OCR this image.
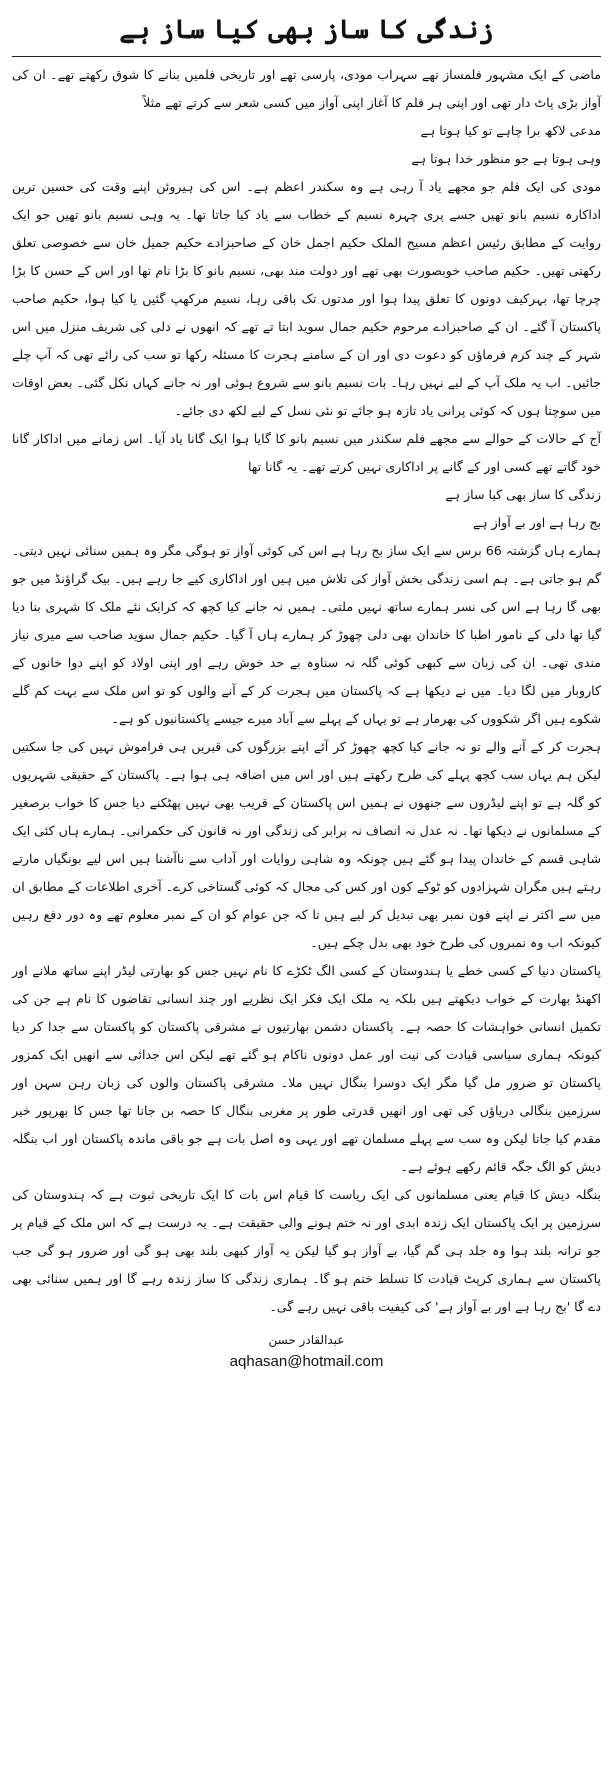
زندگی کا ساز بھی کیا ساز ہے

ماضی کے ایک مشہور فلمساز تھے سہراب مودی، پارسی تھے اور تاریخی فلمیں بنانے کا شوق رکھتے تھے۔ ان کی آواز بڑی پاٹ دار تھی اور اپنی ہر فلم کا آغاز اپنی آواز میں کسی شعر سے کرتے تھے مثلاً

مدعی لاکھ برا چاہے تو کیا ہوتا ہے

وہی ہوتا ہے جو منظور خدا ہوتا ہے

مودی کی ایک فلم جو مجھے یاد آ رہی ہے وہ سکندر اعظم ہے۔ اس کی ہیروئن اپنے وقت کی حسین ترین اداکارہ نسیم بانو تھیں جسے پری چہرہ نسیم کے خطاب سے یاد کیا جاتا تھا۔ یہ وہی نسیم بانو تھیں جو ایک روایت کے مطابق رئیس اعظم مسیح الملک حکیم اجمل خان کے صاحبزادے حکیم جمیل خان سے خصوصی تعلق رکھتی تھیں۔ حکیم صاحب خوبصورت بھی تھے اور دولت مند بھی، نسیم بانو کا بڑا نام تھا اور اس کے حسن کا بڑا چرچا تھا، بہرکیف دونوں کا تعلق پیدا ہوا اور مدتوں تک باقی رہا، نسیم مرکھپ گئیں یا کیا ہوا، حکیم صاحب پاکستان آ گئے۔ ان کے صاحبزادے مرحوم حکیم جمال سوید ابتا تے تھے کہ انھوں نے دلی کی شریف منزل میں اس شہر کے چند کرم فرماؤں کو دعوت دی اور ان کے سامنے ہجرت کا مسئلہ رکھا تو سب کی رائے تھی کہ آپ چلے جائیں۔ اب یہ ملک آپ کے لیے نہیں رہا۔ بات نسیم بانو سے شروع ہوئی اور نہ جانے کہاں نکل گئی۔ بعض اوقات میں سوچتا ہوں کہ کوئی پرانی یاد تازہ ہو جائے تو نئی نسل کے لیے لکھ دی جائے۔

آج کے حالات کے حوالے سے مجھے فلم سکندر میں نسیم بانو کا گایا ہوا ایک گانا یاد آیا۔ اس زمانے میں اداکار گانا خود گاتے تھے کسی اور کے گانے پر اداکاری نہیں کرتے تھے۔ یہ گانا تھا

زندگی کا ساز بھی کیا ساز ہے

بج رہا ہے اور بے آواز ہے

ہمارے ہاں گزشتہ 66 برس سے ایک ساز بج رہا ہے اس کی کوئی آواز تو ہوگی مگر وہ ہمیں سنائی نہیں دیتی۔ گم ہو جاتی ہے۔ ہم اسی زندگی بخش آواز کی تلاش میں ہیں اور اداکاری کیے جا رہے ہیں۔ بیک گراؤنڈ میں جو بھی گا رہا ہے اس کی نسر ہمارے ساتھ نہیں ملتی۔ ہمیں نہ جانے کیا کچھ کہ کرایک نئے ملک کا شہری بنا دیا گیا تھا دلی کے نامور اطبا کا خاندان بھی دلی چھوڑ کر ہمارے ہاں آ گیا۔ حکیم جمال سوید صاحب سے میری نیاز مندی تھی۔ ان کی زبان سے کبھی کوئی گلہ نہ سناوہ بے حد خوش رہے اور اپنی اولاد کو اپنے دوا خانوں کے کاروبار میں لگا دیا۔ میں نے دیکھا ہے کہ پاکستان میں ہجرت کر کے آنے والوں کو تو اس ملک سے بہت کم گلے شکوے ہیں اگر شکووں کی بھرمار ہے تو یہاں کے پہلے سے آباد میرے جیسے پاکستانیوں کو ہے۔

ہجرت کر کے آنے والے تو نہ جانے کیا کچھ چھوڑ کر آئے اپنے بزرگوں کی قبریں ہی فراموش نہیں کی جا سکتیں لیکن ہم یہاں سب کچھ پہلے کی طرح رکھتے ہیں اور اس میں اضافہ ہی ہوا ہے۔ پاکستان کے حقیقی شہریوں کو گلہ ہے تو اپنے لیڈروں سے جنھوں نے ہمیں اس پاکستان کے قریب بھی نہیں پھٹکنے دیا جس کا خواب برصغیر کے مسلمانوں نے دیکھا تھا۔ نہ عدل نہ انصاف نہ برابر کی زندگی اور نہ قانون کی حکمرانی۔ ہمارے ہاں کئی ایک شاہی قسم کے خاندان پیدا ہو گئے ہیں چونکہ وہ شاہی روایات اور آداب سے ناآشنا ہیں اس لیے بونگیاں مارتے رہتے ہیں مگران شہزادوں کو ٹوکے کون اور کس کی مجال کہ کوئی گستاخی کرے۔ آخری اطلاعات کے مطابق ان میں سے اکثر نے اپنے فون نمبر بھی تبدیل کر لیے ہیں تا کہ جن عوام کو ان کے نمبر معلوم تھے وہ دور دفع رہیں کیونکہ اب وہ نمبروں کی طرح خود بھی بدل چکے ہیں۔

پاکستان دنیا کے کسی خطے یا ہندوستان کے کسی الگ ٹکڑے کا نام نہیں جس کو بھارتی لیڈر اپنے ساتھ ملانے اور اکھنڈ بھارت کے خواب دیکھتے ہیں بلکہ یہ ملک ایک فکر ایک نظریے اور چند انسانی تقاضوں کا نام ہے جن کی تکمیل انسانی خواہشات کا حصہ ہے۔ پاکستان دشمن بھارتیوں نے مشرقی پاکستان کو پاکستان سے جدا کر دیا کیونکہ ہماری سیاسی قیادت کی نیت اور عمل دونوں ناکام ہو گئے تھے لیکن اس جدائی سے انھیں ایک کمزور پاکستان تو ضرور مل گیا مگر ایک دوسرا بنگال نہیں ملا۔ مشرقی پاکستان والوں کی زبان رہن سہن اور سرزمین بنگالی دریاؤں کی تھی اور انھیں قدرتی طور پر مغربی بنگال کا حصہ بن جانا تھا جس کا بھرپور خیر مقدم کیا جاتا لیکن وہ سب سے پہلے مسلمان تھے اور یہی وہ اصل بات ہے جو باقی ماندہ پاکستان اور اب بنگلہ دیش کو الگ جگہ قائم رکھے ہوئے ہے۔

بنگلہ دیش کا قیام یعنی مسلمانوں کی ایک ریاست کا قیام اس بات کا ایک تاریخی ثبوت ہے کہ ہندوستان کی سرزمین پر ایک پاکستان ایک زندہ ابدی اور نہ ختم ہونے والی حقیقت ہے۔ یہ درست ہے کہ اس ملک کے قیام پر جو ترانہ بلند ہوا وہ جلد ہی گم گیا، بے آواز ہو گیا لیکن یہ آواز کبھی بلند بھی ہو گی اور ضرور ہو گی جب پاکستان سے ہماری کرپٹ قیادت کا تسلط ختم ہو گا۔ ہماری زندگی کا ساز زندہ رہے گا اور ہمیں سنائی بھی دے گا 'بج رہا ہے اور بے آواز ہے' کی کیفیت باقی نہیں رہے گی۔

عبدالقادر حسن
aqhasan@hotmail.com
